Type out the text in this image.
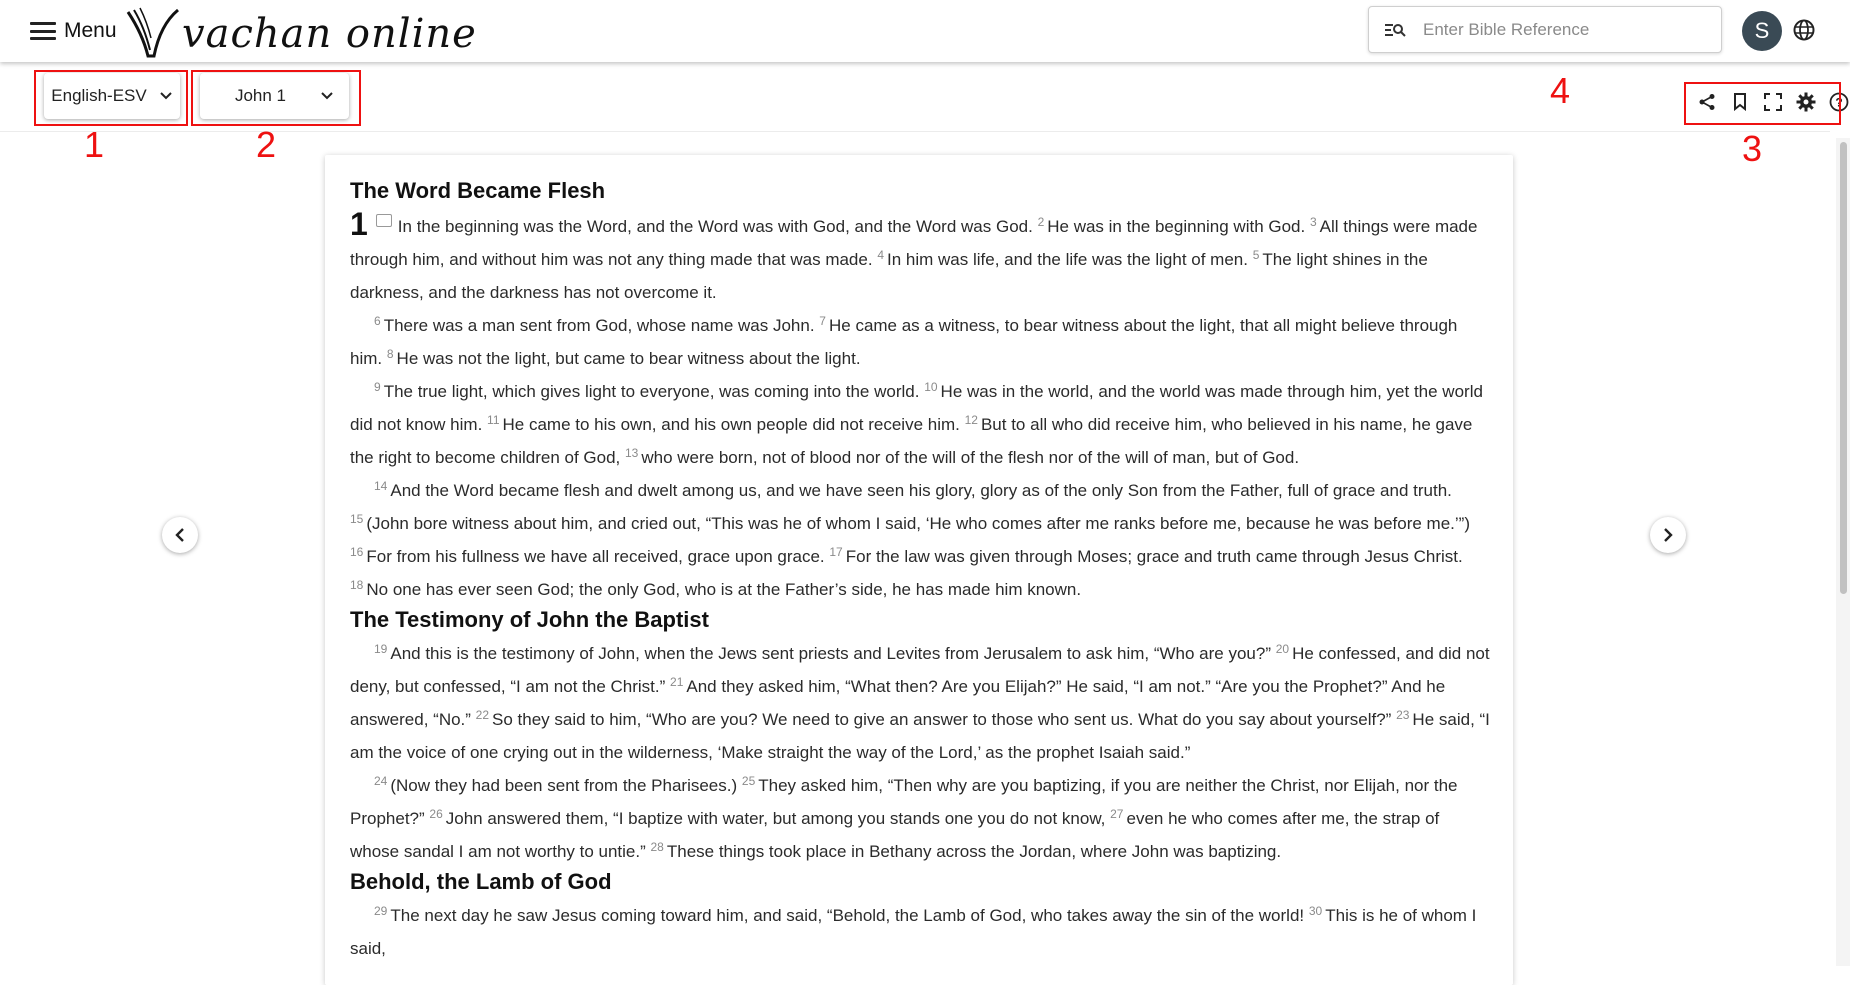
Menu vachan online
Enter Bible Reference	S
English-ESV	John 1	?
1	2	3
4
The Word Became Flesh

1 In the beginning was the Word, and the Word was with God, and the Word was God. $^2$ He was in the beginning with God. $^3$ All things were made through him, and without him was not any thing made that was made. $^4$ In him was life, and the life was the light of men. $^5$ The light shines in the darkness, and the darkness has not overcome it.

$^6$ There was a man sent from God, whose name was John. $^7$ He came as a witness, to bear witness about the light, that all might believe through him. $^8$ He was not the light, but came to bear witness about the light.

$^9$ The true light, which gives light to everyone, was coming into the world. $^{10}$ He was in the world, and the world was made through him, yet the world did not know him. $^{11}$ He came to his own, and his own people did not receive him. $^{12}$ But to all who did receive him, who believed in his name, he gave the right to become children of God, $^{13}$ who were born, not of blood nor of the will of the flesh nor of the will of man, but of God.

$^{14}$ And the Word became flesh and dwelt among us, and we have seen his glory, glory as of the only Son from the Father, full of grace and truth. $^{15}$ (John bore witness about him, and cried out, “This was he of whom I said, ‘He who comes after me ranks before me, because he was before me.’”) $^{16}$ For from his fullness we have all received, grace upon grace. $^{17}$ For the law was given through Moses; grace and truth came through Jesus Christ. $^{18}$ No one has ever seen God; the only God, who is at the Father’s side, he has made him known.

The Testimony of John the Baptist

$^{19}$ And this is the testimony of John, when the Jews sent priests and Levites from Jerusalem to ask him, “Who are you?” $^{20}$ He confessed, and did not deny, but confessed, “I am not the Christ.” $^{21}$ And they asked him, “What then? Are you Elijah?” He said, “I am not.” “Are you the Prophet?” And he answered, “No.” $^{22}$ So they said to him, “Who are you? We need to give an answer to those who sent us. What do you say about yourself?” $^{23}$ He said, “I am the voice of one crying out in the wilderness, ‘Make straight the way of the Lord,’ as the prophet Isaiah said.”

$^{24}$ (Now they had been sent from the Pharisees.) $^{25}$ They asked him, “Then why are you baptizing, if you are neither the Christ, nor Elijah, nor the Prophet?” $^{26}$ John answered them, “I baptize with water, but among you stands one you do not know, $^{27}$ even he who comes after me, the strap of whose sandal I am not worthy to untie.” $^{28}$ These things took place in Bethany across the Jordan, where John was baptizing.

Behold, the Lamb of God

$^{29}$ The next day he saw Jesus coming toward him, and said, “Behold, the Lamb of God, who takes away the sin of the world! $^{30}$ This is he of whom I said,
